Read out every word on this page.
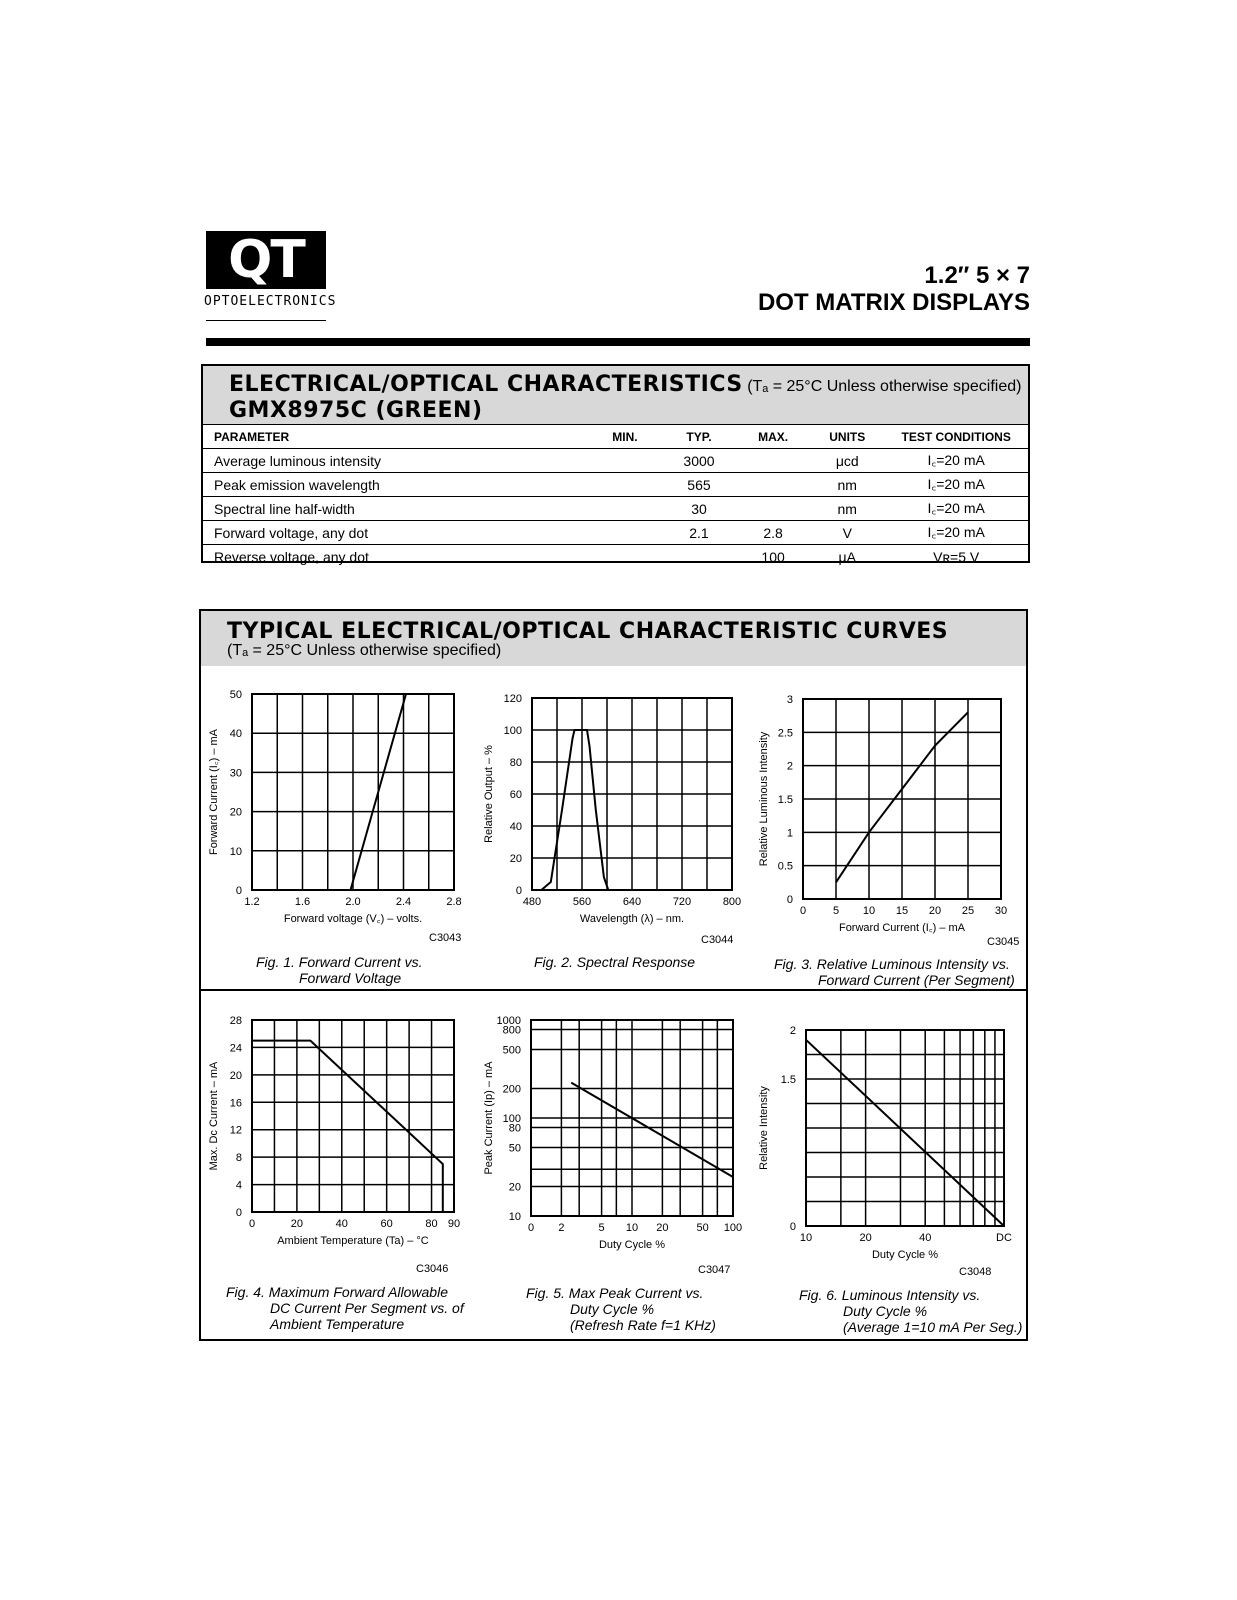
QT
OPTOELECTRONICS
1.2″ 5 × 7
DOT MATRIX DISPLAYS
ELECTRICAL/OPTICAL CHARACTERISTICS (Tₐ = 25°C Unless otherwise specified)
GMX8975C (GREEN)
PARAMETER	MIN.	TYP.	MAX.	UNITS	TEST CONDITIONS
Average luminous intensity		3000		μcd	I꜀=20 mA
Peak emission wavelength		565		nm	I꜀=20 mA
Spectral line half-width		30		nm	I꜀=20 mA
Forward voltage, any dot		2.1	2.8	V	I꜀=20 mA
Reverse voltage, any dot			100	μA	Vʀ=5 V
TYPICAL ELECTRICAL/OPTICAL CHARACTERISTIC CURVES
(Tₐ = 25°C Unless otherwise specified)
1.2	1.6	2.0	2.4	2.8
0
10
20
30
40
50
Forward voltage (V꜀) – volts.
Forward Current (I꜀) – mA
480	560	640	720	800
0
20
40
60
80
100
120
Wavelength (λ) – nm.
Relative Output – %
0 5 10 15 20 25 30
0
0.5
1
1.5
2
2.5
3
Forward Current (I꜀) – mA
Relative Luminous Intensity
0	20	40	60	80 90
0
4
8
12
16
20
24
28
Ambient Temperature (Ta) – °C
Max. Dc Current – mA
0 2	5 10 20	50 100
10
20
50
80
100
200
500
800
1000
Duty Cycle %
Peak Current (Ip) – mA
10	20	40	DC
0
1.5
2
Duty Cycle %
Relative Intensity
C3043
Fig. 1. Forward Current vs.
Forward Voltage
C3044
Fig. 2. Spectral Response
C3045
Fig. 3. Relative Luminous Intensity vs.
Forward Current (Per Segment)
C3046
Fig. 4. Maximum Forward Allowable
DC Current Per Segment vs. of
Ambient Temperature
C3047
Fig. 5. Max Peak Current vs.
Duty Cycle %
(Refresh Rate f=1 KHz)
C3048
Fig. 6. Luminous Intensity vs.
Duty Cycle %
(Average 1=10 mA Per Seg.)
